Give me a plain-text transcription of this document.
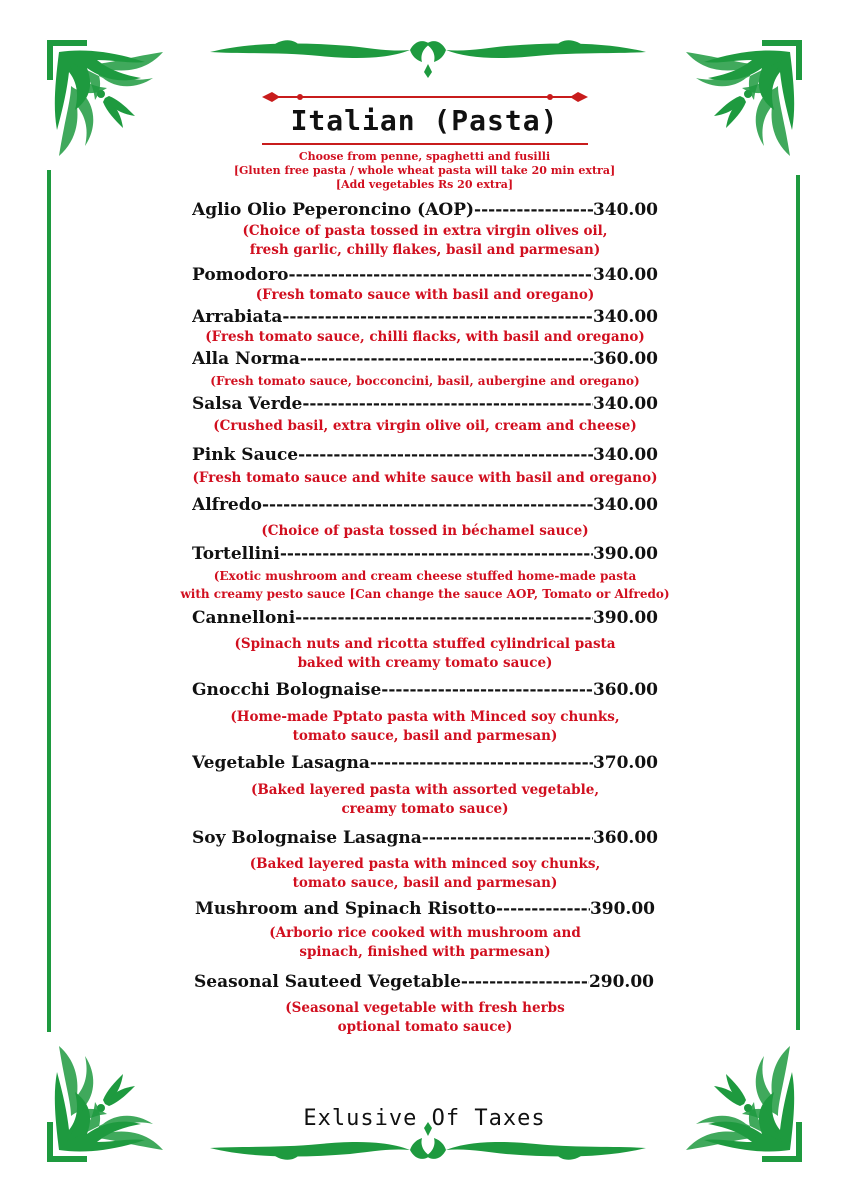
Italian (Pasta)
Choose from penne, spaghetti and fusilli
[Gluten free pasta / whole wheat pasta will take 20 min extra]
[Add vegetables Rs 20 extra]
Aglio Olio Peperoncino (AOP) -----	340.00
(Choice of pasta tossed in extra virgin olives oil,
fresh garlic, chilly flakes, basil and parmesan)
Pomodoro -----	340.00
(Fresh tomato sauce with basil and oregano)
Arrabiata -----	340.00
(Fresh tomato sauce, chilli flacks, with basil and oregano)
Alla Norma -----	360.00
(Fresh tomato sauce, bocconcini, basil, aubergine and oregano)
Salsa Verde -----	340.00
(Crushed basil, extra virgin olive oil, cream and cheese)
Pink Sauce -----	340.00
(Fresh tomato sauce and white sauce with basil and oregano)
Alfredo -----	340.00
(Choice of pasta tossed in béchamel sauce)
Tortellini -----	390.00
(Exotic mushroom and cream cheese stuffed home-made pasta
with creamy pesto sauce [Can change the sauce AOP, Tomato or Alfredo)
Cannelloni -----	390.00
(Spinach nuts and ricotta stuffed cylindrical pasta
baked with creamy tomato sauce)
Gnocchi Bolognaise -----	360.00
(Home-made Pptato pasta with Minced soy chunks,
tomato sauce, basil and parmesan)
Vegetable Lasagna -----	370.00
(Baked layered pasta with assorted vegetable,
creamy tomato sauce)
Soy Bolognaise Lasagna -----	360.00
(Baked layered pasta with minced soy chunks,
tomato sauce, basil and parmesan)
Mushroom and Spinach Risotto -----	390.00
(Arborio rice cooked with mushroom and
spinach, finished with parmesan)
Seasonal Sauteed Vegetable -----	290.00
(Seasonal vegetable with fresh herbs
optional tomato sauce)
Exlusive Of Taxes
